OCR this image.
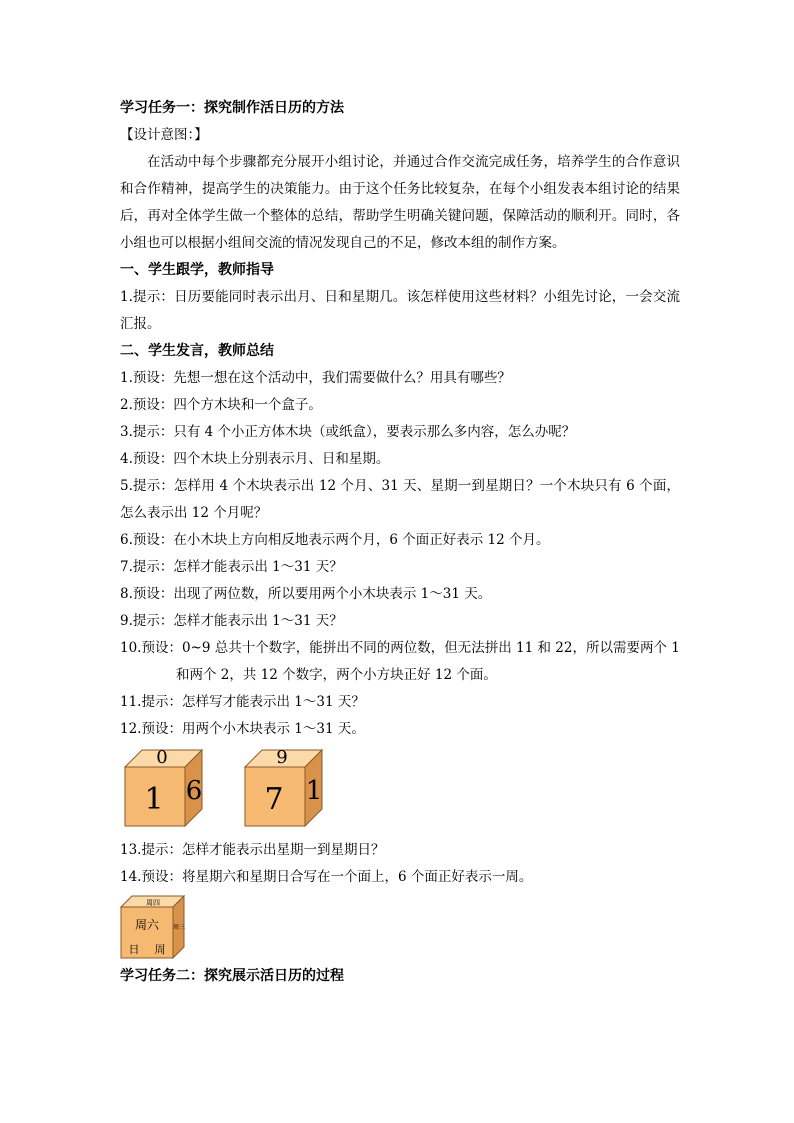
学习任务一：探究制作活日历的方法
【设计意图：】
在活动中每个步骤都充分展开小组讨论，并通过合作交流完成任务，培养学生的合作意识和合作精神，提高学生的决策能力。由于这个任务比较复杂，在每个小组发表本组讨论的结果后，再对全体学生做一个整体的总结，帮助学生明确关键问题，保障活动的顺利开。同时，各小组也可以根据小组间交流的情况发现自己的不足，修改本组的制作方案。
一、学生跟学，教师指导
1.提示：日历要能同时表示出月、日和星期几。该怎样使用这些材料？小组先讨论，一会交流汇报。
二、学生发言，教师总结
1.预设：先想一想在这个活动中，我们需要做什么？用具有哪些？
2.预设：四个方木块和一个盒子。
3.提示：只有 4 个小正方体木块（或纸盒），要表示那么多内容，怎么办呢？
4.预设：四个木块上分别表示月、日和星期。
5.提示：怎样用 4 个木块表示出 12 个月、31 天、星期一到星期日？一个木块只有 6 个面，怎么表示出 12 个月呢？
6.预设：在小木块上方向相反地表示两个月，6 个面正好表示 12 个月。
7.提示：怎样才能表示出 1～31 天？
8.预设：出现了两位数，所以要用两个小木块表示 1～31 天。
9.提示：怎样才能表示出 1～31 天？
10.预设：0~9 总共十个数字，能拼出不同的两位数，但无法拼出 11 和 22，所以需要两个 1
和两个 2，共 12 个数字，两个小方块正好 12 个面。
11.提示：怎样写才能表示出 1～31 天？
12.预设：用两个小木块表示 1～31 天。
0
1 6
9
7 1
13.提示：怎样才能表示出星期一到星期日？
14.预设：将星期六和星期日合写在一个面上，6 个面正好表示一周。
周四
周六 周三
日 周
学习任务二：探究展示活日历的过程
